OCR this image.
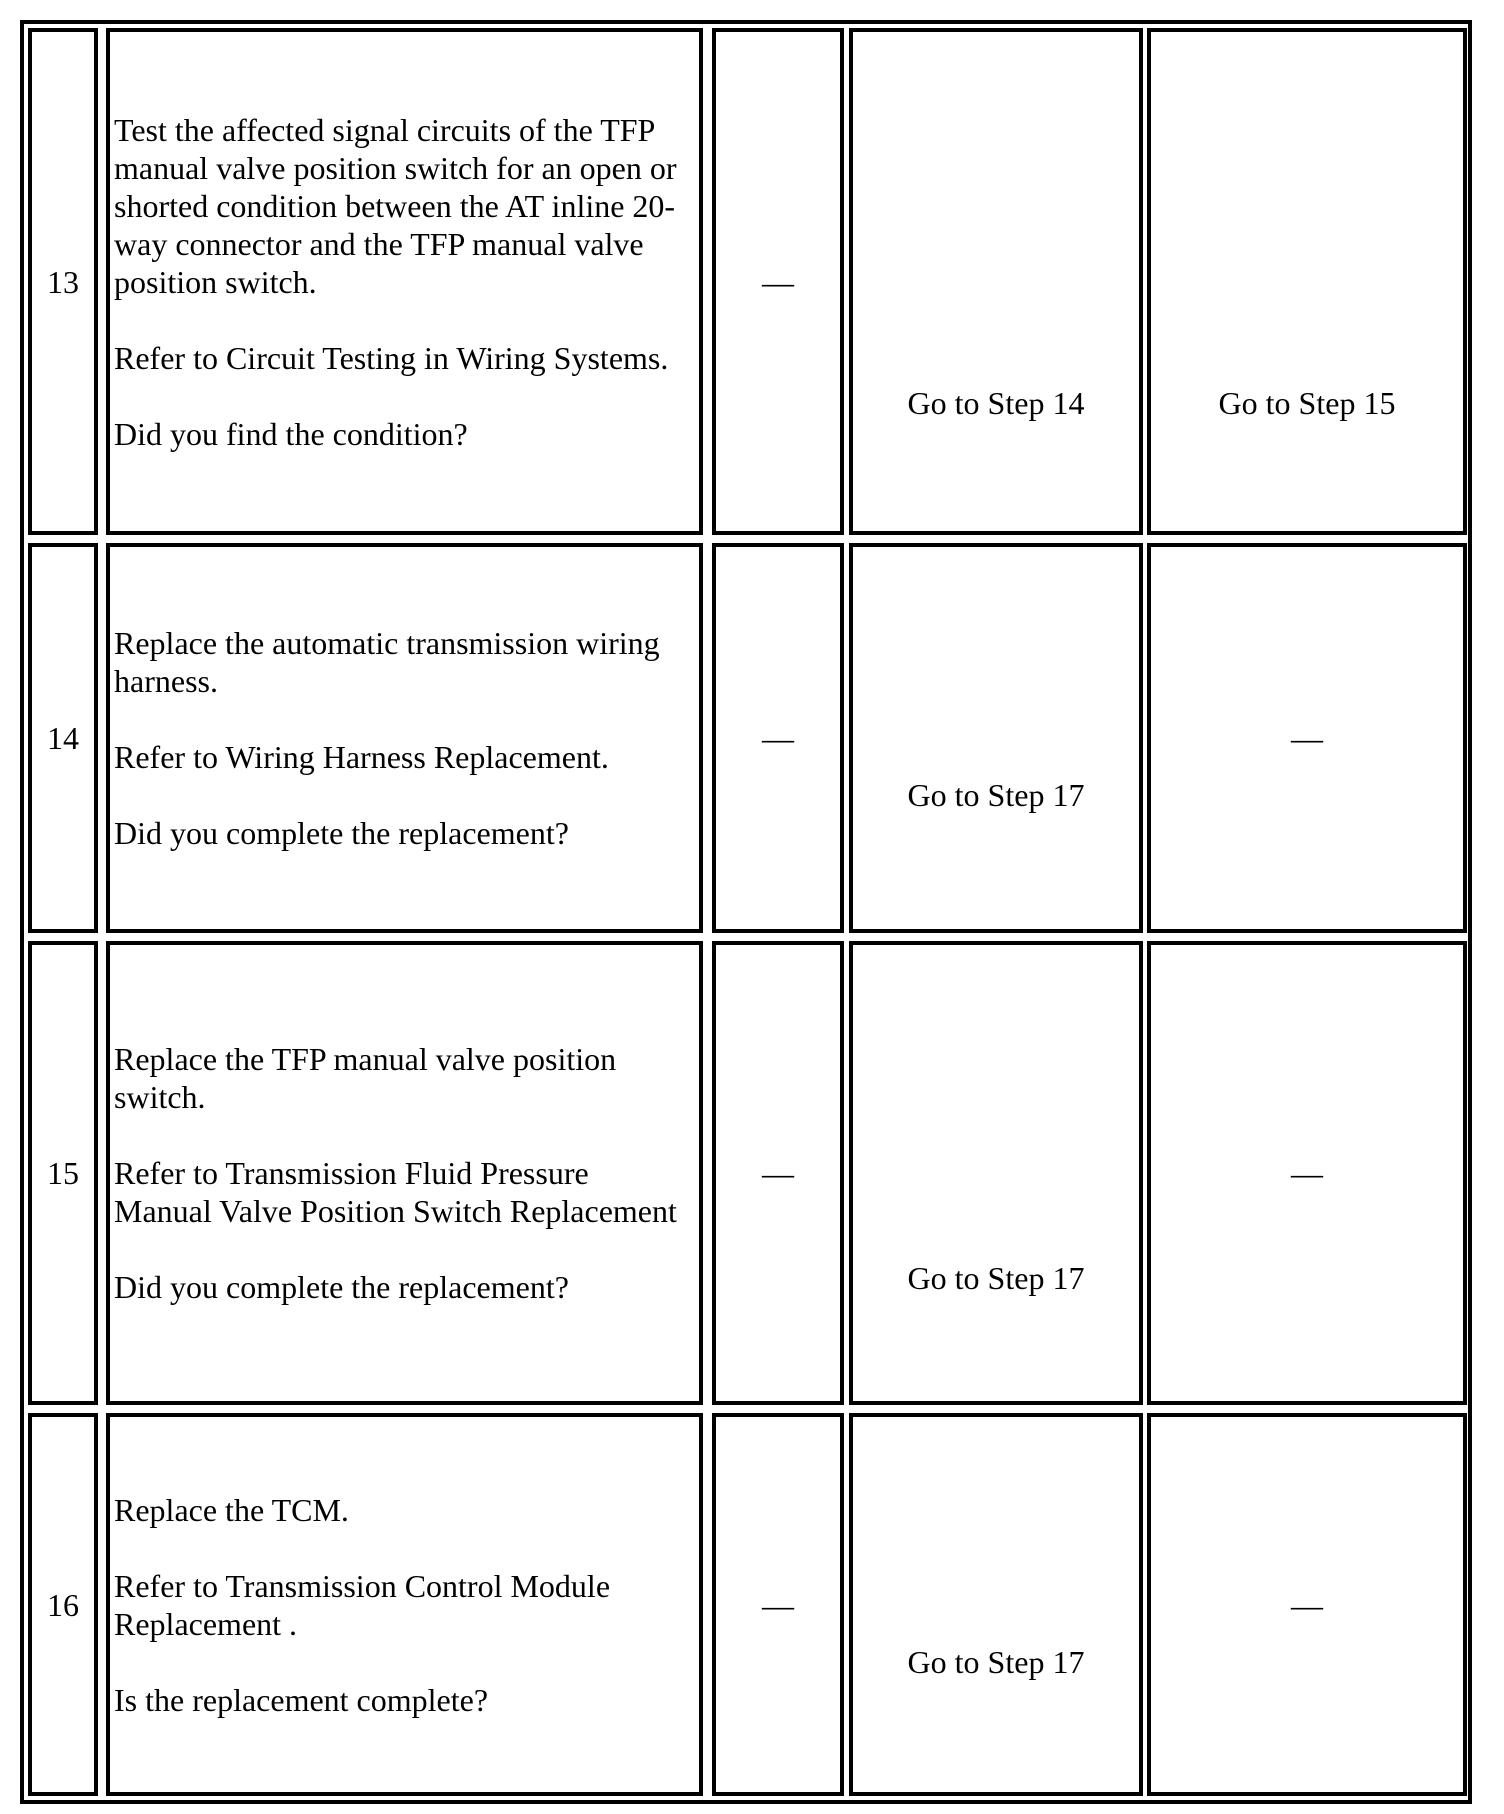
13

Test the affected signal circuits of the TFP manual valve position switch for an open or shorted condition between the AT inline 20-way connector and the TFP manual valve position switch.

Refer to Circuit Testing in Wiring Systems.

Did you find the condition?

—
Go to Step 14	Go to Step 15
14

Replace the automatic transmission wiring harness.

Refer to Wiring Harness Replacement.

Did you complete the replacement?

—
Go to Step 17
—
15

Replace the TFP manual valve position switch.

Refer to Transmission Fluid Pressure Manual Valve Position Switch Replacement

Did you complete the replacement?

—
Go to Step 17
—
16

Replace the TCM.

Refer to Transmission Control Module Replacement .

Is the replacement complete?

—
Go to Step 17
—
